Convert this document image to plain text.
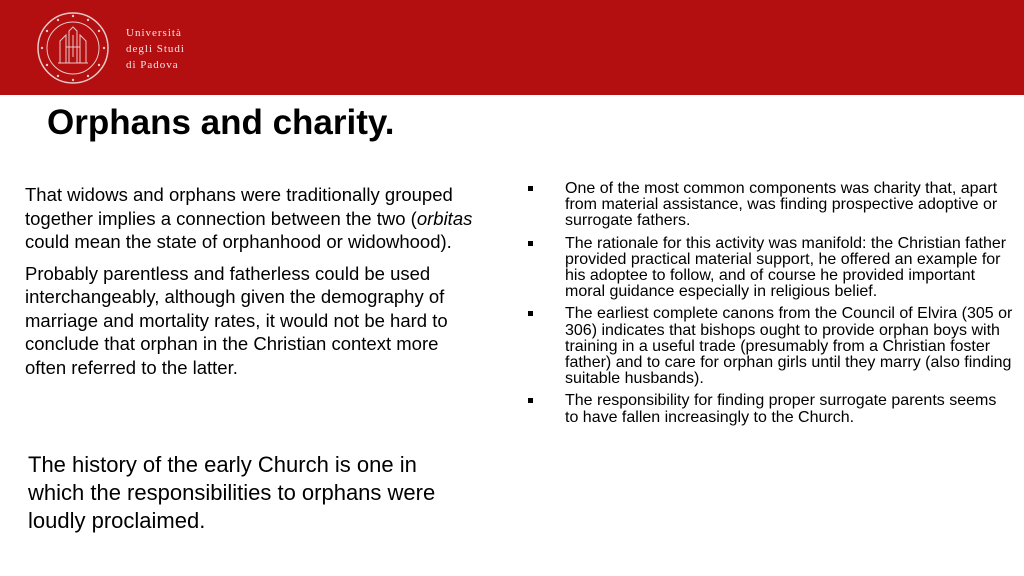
Università
degli Studi
di Padova
Orphans and charity.

That widows and orphans were traditionally grouped together implies a connection between the two (orbitas could mean the state of orphanhood or widowhood).

Probably parentless and fatherless could be used interchangeably, although given the demography of marriage and mortality rates, it would not be hard to conclude that orphan in the Christian context more often referred to the latter.

The history of the early Church is one in which the responsibilities to orphans were loudly proclaimed.

One of the most common components was charity that, apart from material assistance, was finding prospective adoptive or surrogate fathers.
The rationale for this activity was manifold: the Christian father provided practical material support, he offered an example for his adoptee to follow, and of course he provided important moral guidance especially in religious belief.
The earliest complete canons from the Council of Elvira (305 or 306) indicates that bishops ought to provide orphan boys with training in a useful trade (presumably from a Christian foster father) and to care for orphan girls until they marry (also finding suitable husbands).
The responsibility for finding proper surrogate parents seems to have fallen increasingly to the Church.
